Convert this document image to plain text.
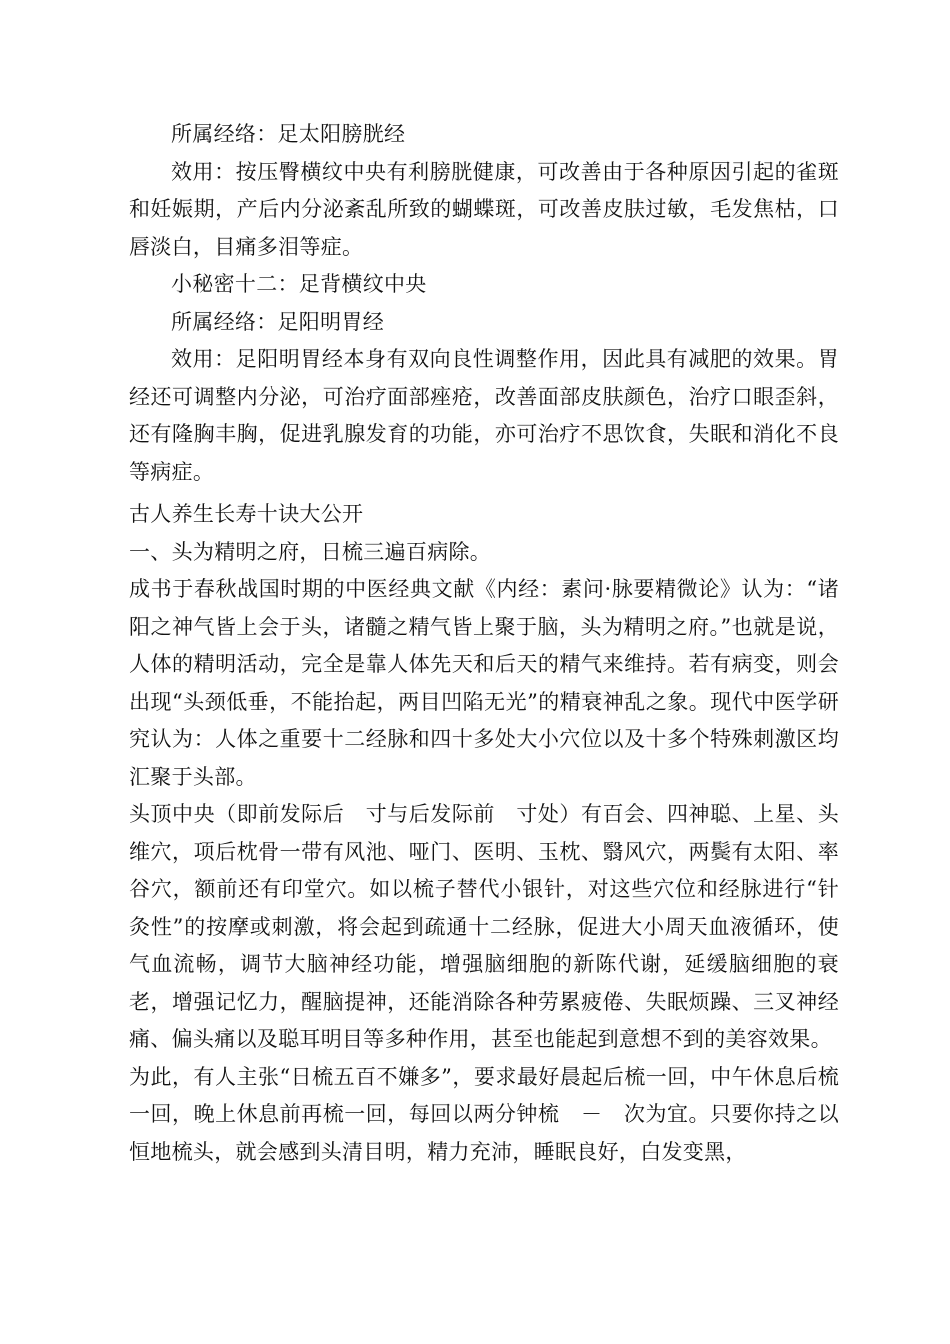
所属经络：足太阳膀胱经

效用：按压臀横纹中央有利膀胱健康，可改善由于各种原因引起的雀斑和妊娠期，产后内分泌紊乱所致的蝴蝶斑，可改善皮肤过敏，毛发焦枯，口唇淡白，目痛多泪等症。

小秘密十二：足背横纹中央

所属经络：足阳明胃经

效用：足阳明胃经本身有双向良性调整作用，因此具有减肥的效果。胃经还可调整内分泌，可治疗面部痤疮，改善面部皮肤颜色，治疗口眼歪斜，还有隆胸丰胸，促进乳腺发育的功能，亦可治疗不思饮食，失眠和消化不良等病症。

古人养生长寿十诀大公开

一、头为精明之府，日梳三遍百病除。

成书于春秋战国时期的中医经典文献《内经：素问·脉要精微论》认为：“诸阳之神气皆上会于头，诸髓之精气皆上聚于脑，头为精明之府。”也就是说，人体的精明活动，完全是靠人体先天和后天的精气来维持。若有病变，则会出现“头颈低垂，不能抬起，两目凹陷无光”的精衰神乱之象。现代中医学研究认为：人体之重要十二经脉和四十多处大小穴位以及十多个特殊刺激区均汇聚于头部。

头顶中央（即前发际后　寸与后发际前　寸处）有百会、四神聪、上星、头维穴，项后枕骨一带有风池、哑门、医明、玉枕、翳风穴，两鬓有太阳、率谷穴，额前还有印堂穴。如以梳子替代小银针，对这些穴位和经脉进行“针灸性”的按摩或刺激，将会起到疏通十二经脉，促进大小周天血液循环，使气血流畅，调节大脑神经功能，增强脑细胞的新陈代谢，延缓脑细胞的衰老，增强记忆力，醒脑提神，还能消除各种劳累疲倦、失眠烦躁、三叉神经痛、偏头痛以及聪耳明目等多种作用，甚至也能起到意想不到的美容效果。

为此，有人主张“日梳五百不嫌多”，要求最好晨起后梳一回，中午休息后梳一回，晚上休息前再梳一回，每回以两分钟梳　－　次为宜。只要你持之以恒地梳头，就会感到头清目明，精力充沛，睡眠良好，白发变黑，
